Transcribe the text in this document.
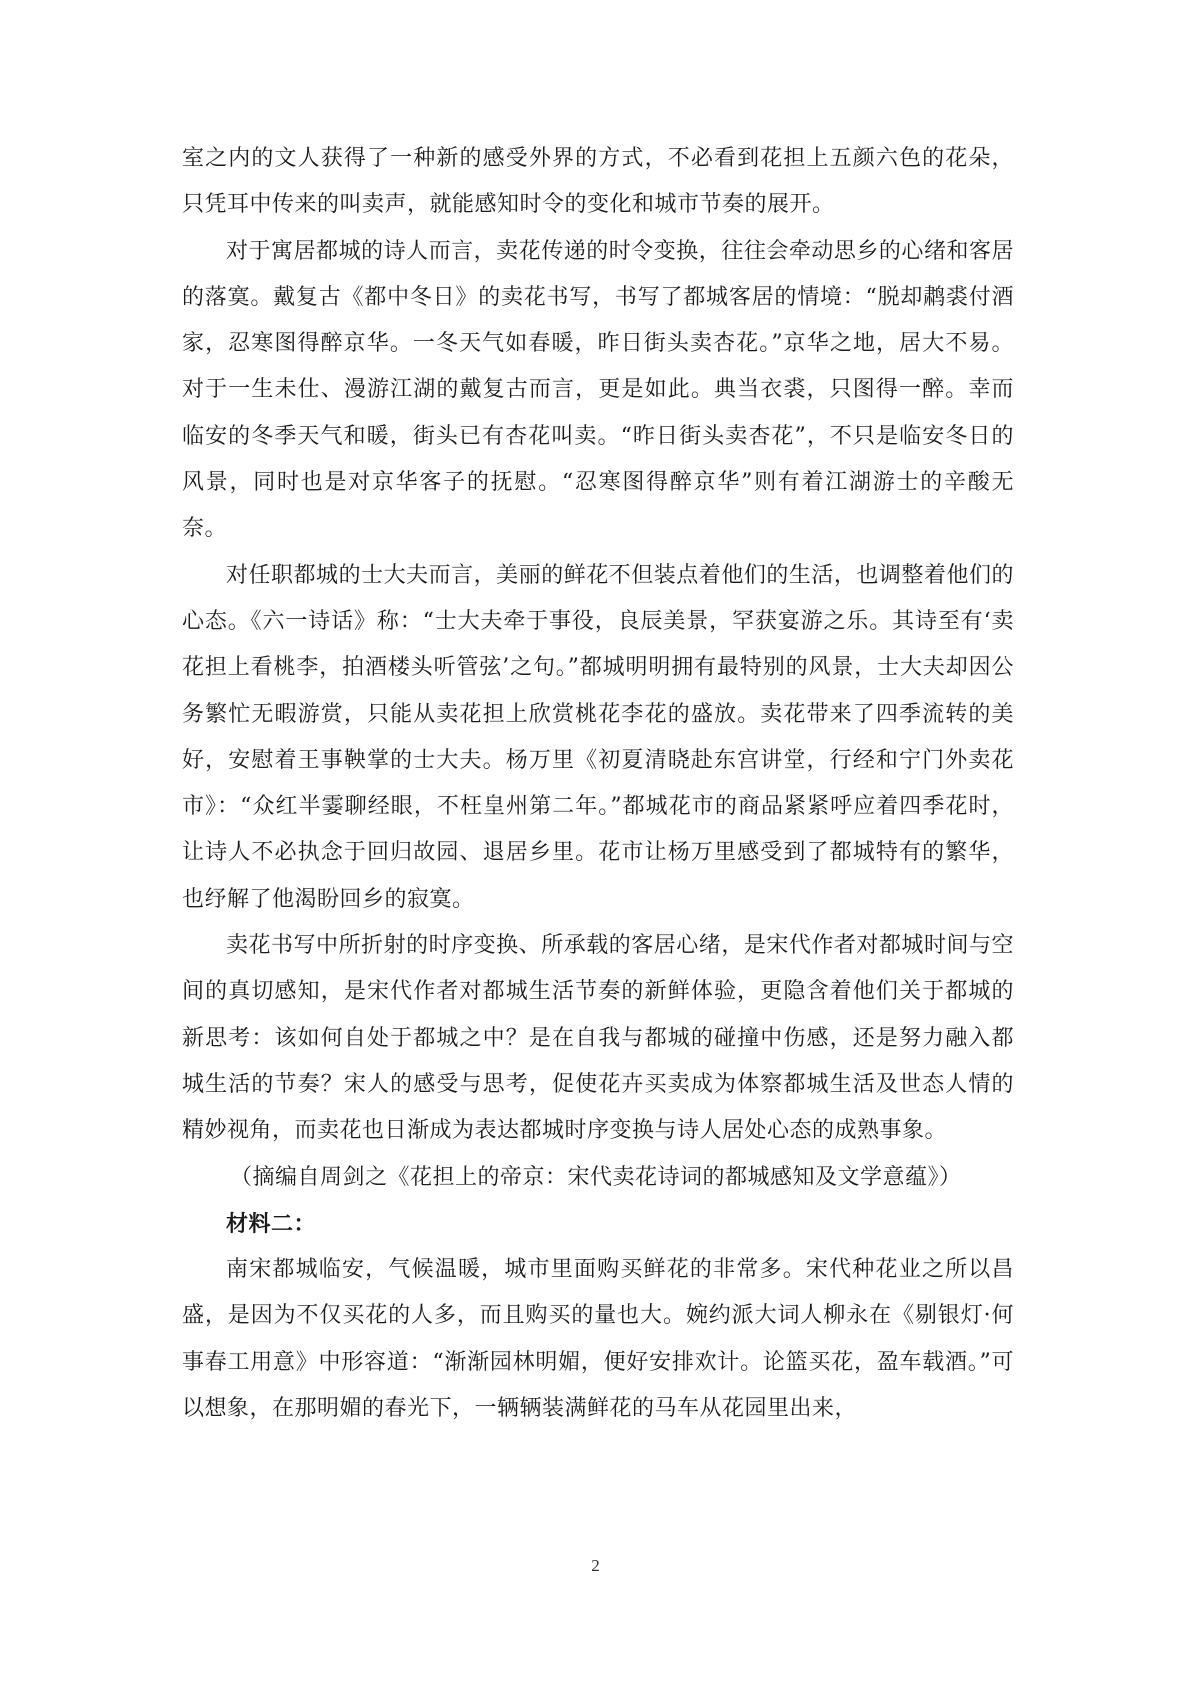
室之内的文人获得了一种新的感受外界的方式，不必看到花担上五颜六色的花朵，只凭耳中传来的叫卖声，就能感知时令的变化和城市节奏的展开。

对于寓居都城的诗人而言，卖花传递的时令变换，往往会牵动思乡的心绪和客居的落寞。戴复古《都中冬日》的卖花书写，书写了都城客居的情境：“脱却鹔裘付酒家，忍寒图得醉京华。一冬天气如春暖，昨日街头卖杏花。”京华之地，居大不易。对于一生未仕、漫游江湖的戴复古而言，更是如此。典当衣裘，只图得一醉。幸而临安的冬季天气和暖，街头已有杏花叫卖。“昨日街头卖杏花”，不只是临安冬日的风景，同时也是对京华客子的抚慰。“忍寒图得醉京华”则有着江湖游士的辛酸无奈。

对任职都城的士大夫而言，美丽的鲜花不但装点着他们的生活，也调整着他们的心态。《六一诗话》称：“士大夫牵于事役，良辰美景，罕获宴游之乐。其诗至有‘卖花担上看桃李，拍酒楼头听管弦’之句。”都城明明拥有最特别的风景，士大夫却因公务繁忙无暇游赏，只能从卖花担上欣赏桃花李花的盛放。卖花带来了四季流转的美好，安慰着王事鞅掌的士大夫。杨万里《初夏清晓赴东宫讲堂，行经和宁门外卖花市》：“众红半霎聊经眼，不枉皇州第二年。”都城花市的商品紧紧呼应着四季花时，让诗人不必执念于回归故园、退居乡里。花市让杨万里感受到了都城特有的繁华，也纾解了他渴盼回乡的寂寞。

卖花书写中所折射的时序变换、所承载的客居心绪，是宋代作者对都城时间与空间的真切感知，是宋代作者对都城生活节奏的新鲜体验，更隐含着他们关于都城的新思考：该如何自处于都城之中？是在自我与都城的碰撞中伤感，还是努力融入都城生活的节奏？宋人的感受与思考，促使花卉买卖成为体察都城生活及世态人情的精妙视角，而卖花也日渐成为表达都城时序变换与诗人居处心态的成熟事象。

（摘编自周剑之《花担上的帝京：宋代卖花诗词的都城感知及文学意蕴》）

材料二：

南宋都城临安，气候温暖，城市里面购买鲜花的非常多。宋代种花业之所以昌盛，是因为不仅买花的人多，而且购买的量也大。婉约派大词人柳永在《剔银灯·何事春工用意》中形容道：“渐渐园林明媚，便好安排欢计。论篮买花，盈车载酒。”可以想象，在那明媚的春光下，一辆辆装满鲜花的马车从花园里出来，

2
